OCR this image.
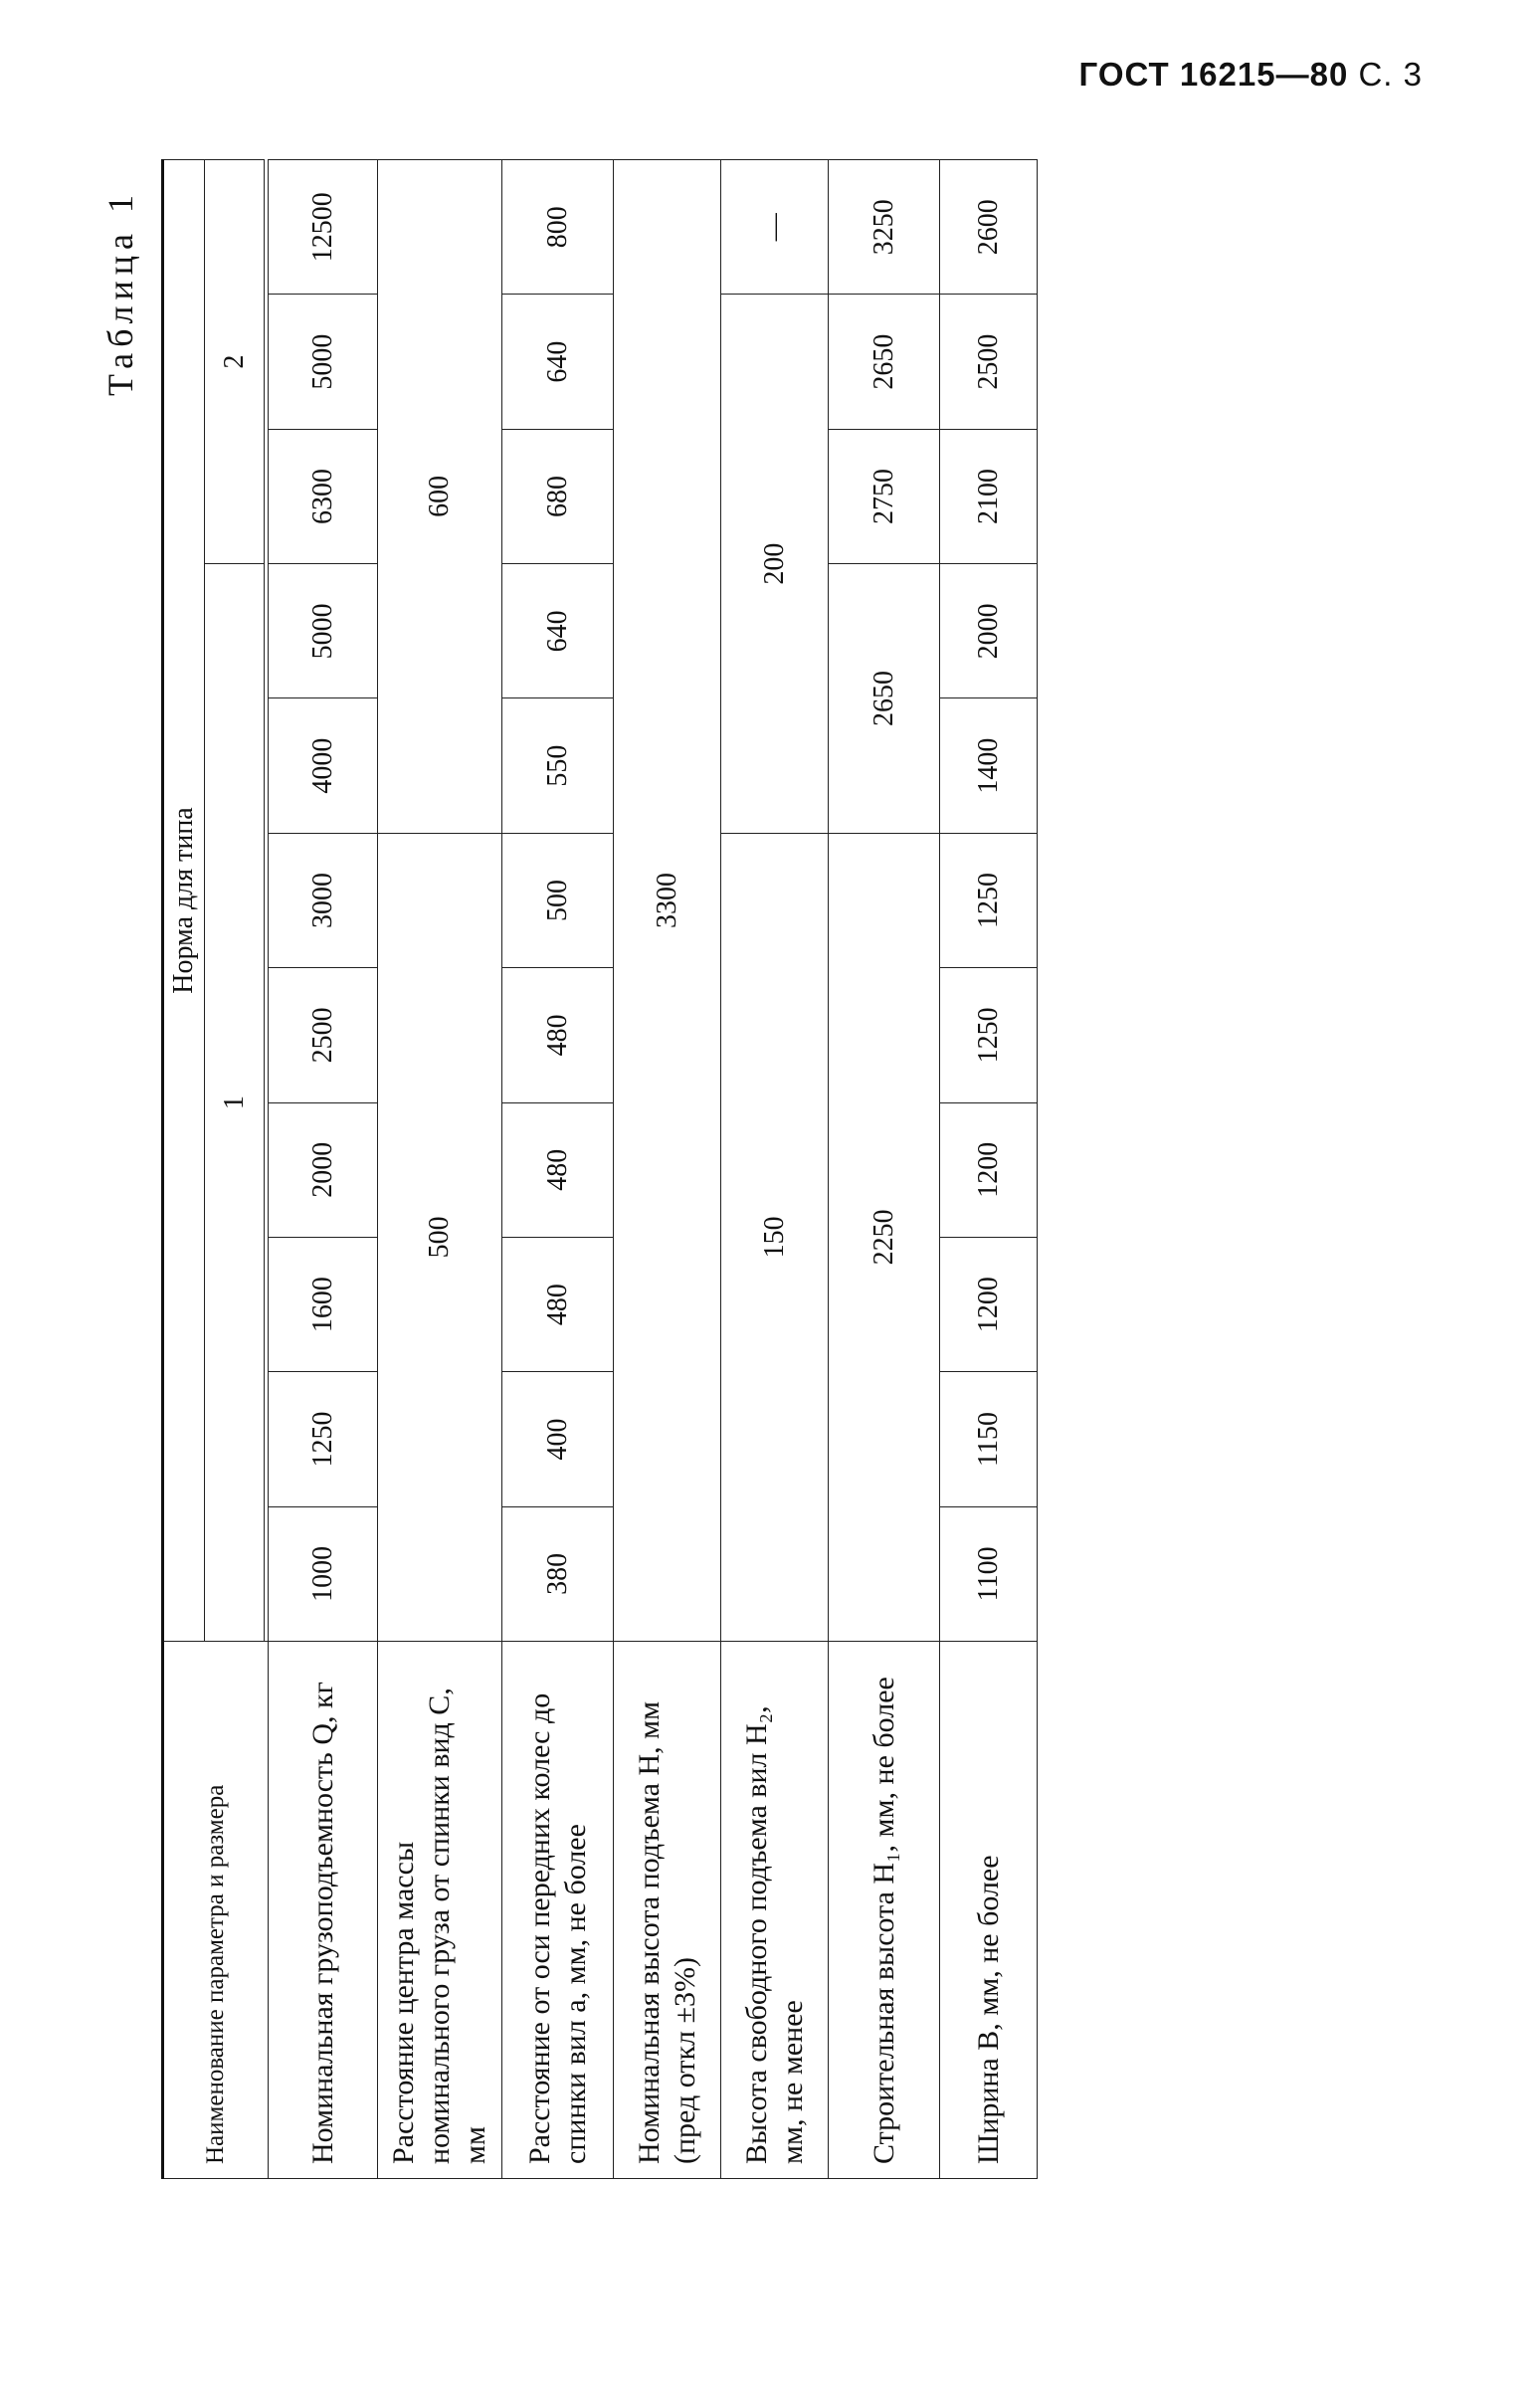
ГОСТ 16215—80 С. 3
Таблица 1
Наименование параметра и размера	Норма для типа										
	1								2		

Номинальная грузоподъемность Q, кг	1000	1250	1600	2000	2500	3000	4000	5000	6300	5000	12500
Расстояние центра массы номинального груза от спинки вид С, мм	500						600				
Расстояние от оси передних колес до спинки вил a, мм, не более	380	400	480	480	480	500	550	640	680	640	800
Номинальная высота подъема H, мм (пред откл ±3%)	3300										
Высота свободного подъема вил H₂, мм, не менее	150						200				—
Строительная высота H₁, мм, не более	2250						2650		2750	2650	3250
Ширина B, мм, не более	1100	1150	1200	1200	1250	1250	1400	2000	2100	2500	2600
